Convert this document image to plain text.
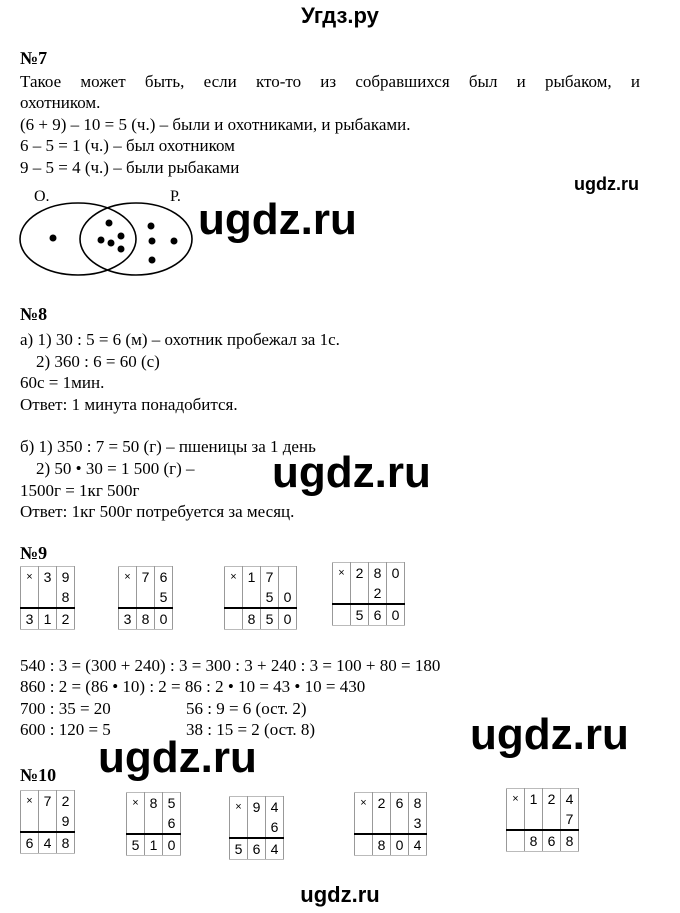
Угдз.ру
№7
Такое может быть, если кто-то из собравшихся был и рыбаком, и
охотником.
(6 + 9) – 10 = 5 (ч.) – были и охотниками, и рыбаками.
6 – 5 = 1 (ч.) – был охотником
9 – 5 = 4 (ч.) – были рыбаками
ugdz.ru
О.	Р. ugdz.ru
№8
а) 1) 30 : 5 = 6 (м) – охотник пробежал за 1с.
2) 360 : 6 = 60 (с)
60с = 1мин.
Ответ: 1 минута понадобится.
б) 1) 350 : 7 = 50 (г) – пшеницы за 1 день
2) 50 • 30 = 1 500 (г) –
1500г = 1кг 500г
Ответ: 1кг 500г потребуется за месяц.
ugdz.ru
№9
×	3	9
		8
3	1	2
×	7	6
		5
3	8	0
×	1	7	
		5	0
	8	5	0
×	2	8	0
		2	
	5	6	0
540 : 3 = (300 + 240) : 3 = 300 : 3 + 240 : 3 = 100 + 80 = 180
860 : 2 = (86 • 10) : 2 = 86 : 2 • 10 = 43 • 10 = 430
700 : 35 = 20	56 : 9 = 6 (ост. 2)
600 : 120 = 5	38 : 15 = 2 (ост. 8)	ugdz.ru
ugdz.ru
№10
×	7	2
		9
6	4	8
×	8	5
		6
5	1	0
×	9	4
		6
5	6	4
×	2	6	8
			3
	8	0	4
×	1	2	4
			7
	8	6	8
ugdz.ru
